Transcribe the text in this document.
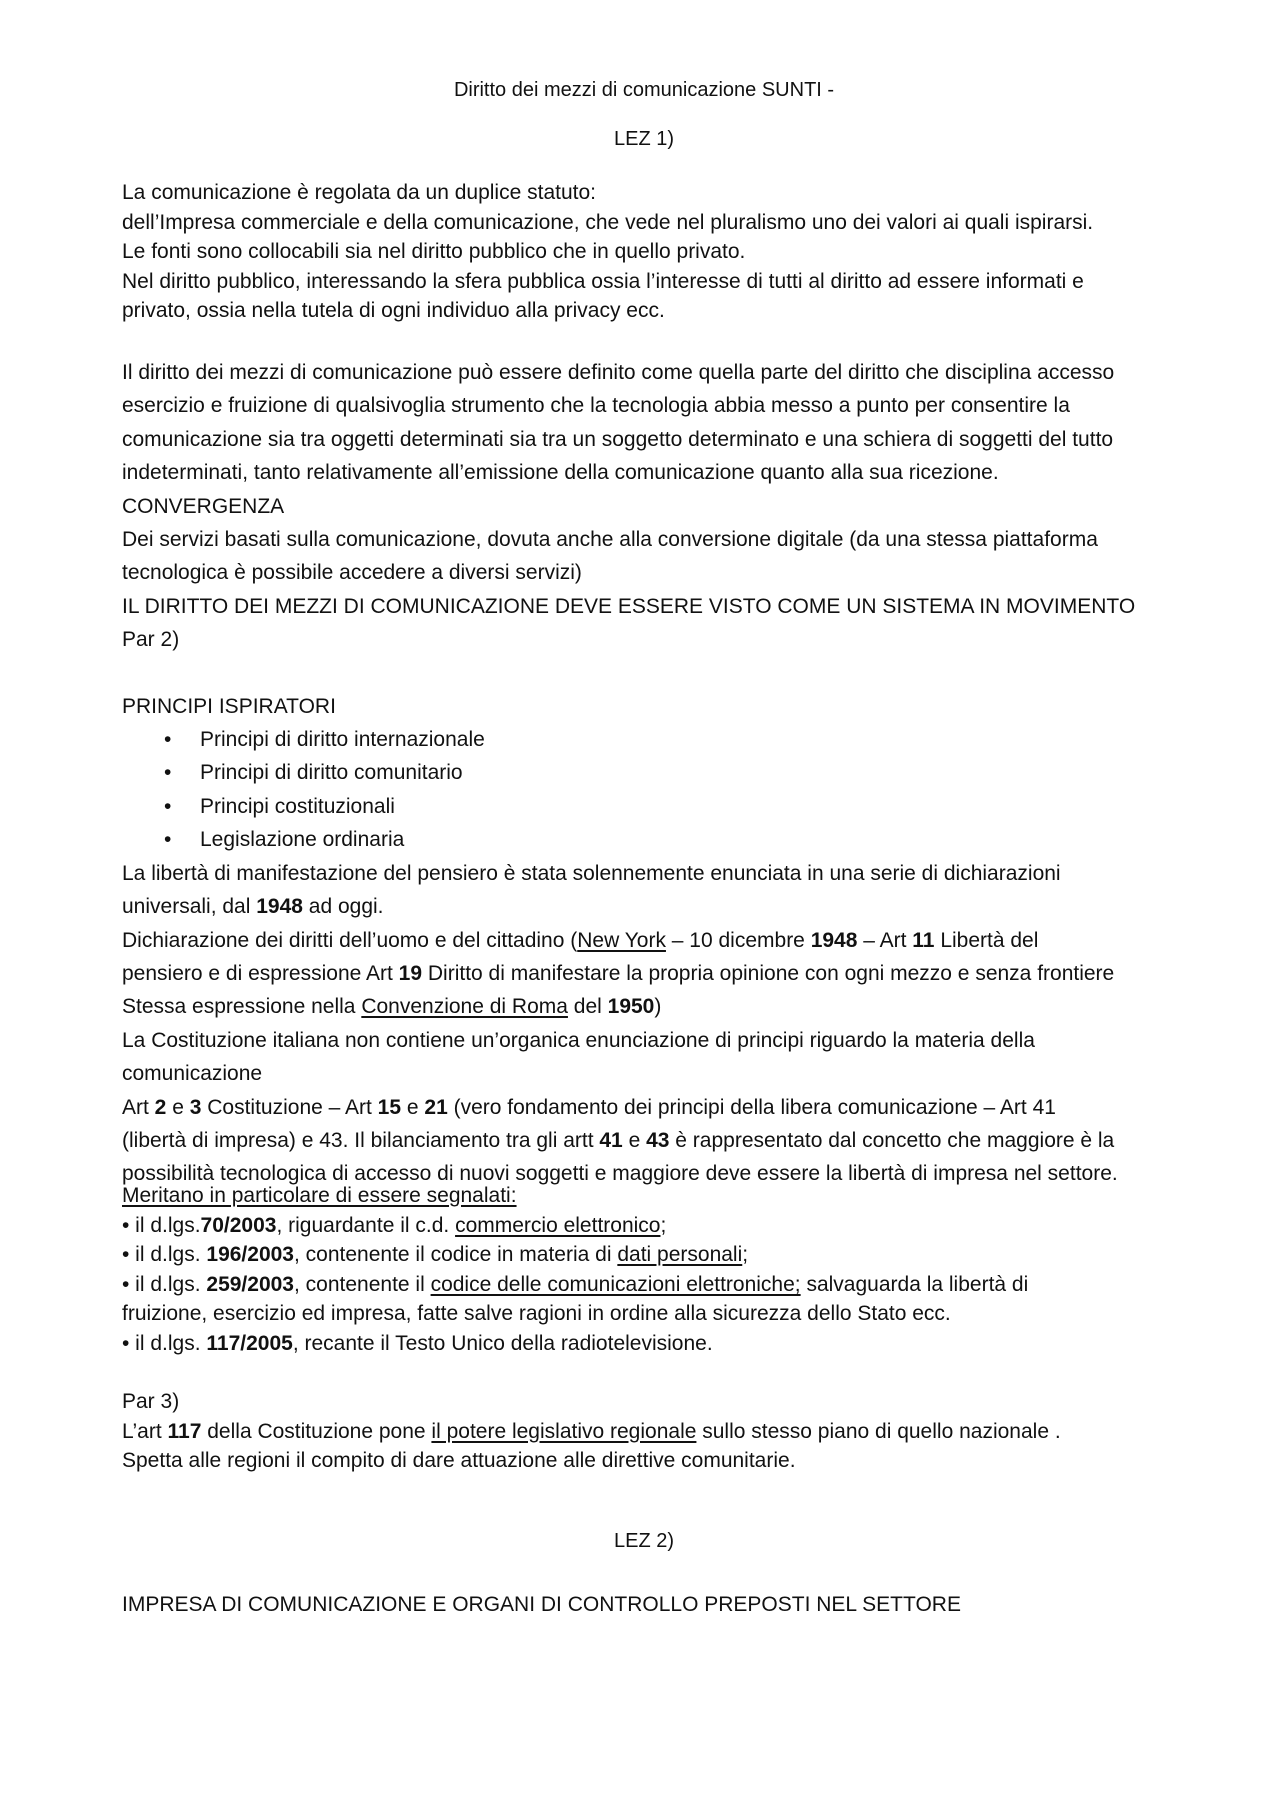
Diritto dei mezzi di comunicazione SUNTI -

LEZ 1)

La comunicazione è regolata da un duplice statuto:

dell’Impresa commerciale e della comunicazione, che vede nel pluralismo uno dei valori ai quali ispirarsi.

Le fonti sono collocabili sia nel diritto pubblico che in quello privato.

Nel diritto pubblico, interessando la sfera pubblica ossia l’interesse di tutti al diritto ad essere informati e

privato, ossia nella tutela di ogni individuo alla privacy ecc.

Il diritto dei mezzi di comunicazione può essere definito come quella parte del diritto che disciplina accesso

esercizio e fruizione di qualsivoglia strumento che la tecnologia abbia messo a punto per consentire la

comunicazione sia tra oggetti determinati sia tra un soggetto determinato e una schiera di soggetti del tutto

indeterminati, tanto relativamente all’emissione della comunicazione quanto alla sua ricezione.

CONVERGENZA

Dei servizi basati sulla comunicazione, dovuta anche alla conversione digitale (da una stessa piattaforma

tecnologica è possibile accedere a diversi servizi)

IL DIRITTO DEI MEZZI DI COMUNICAZIONE DEVE ESSERE VISTO COME UN SISTEMA IN MOVIMENTO

Par 2)

PRINCIPI ISPIRATORI

• Principi di diritto internazionale
• Principi di diritto comunitario
• Principi costituzionali
• Legislazione ordinaria

La libertà di manifestazione del pensiero è stata solennemente enunciata in una serie di dichiarazioni

universali, dal 1948 ad oggi.

Dichiarazione dei diritti dell’uomo e del cittadino (New York – 10 dicembre 1948 – Art 11 Libertà del

pensiero e di espressione Art 19 Diritto di manifestare la propria opinione con ogni mezzo e senza frontiere

Stessa espressione nella Convenzione di Roma del 1950)

La Costituzione italiana non contiene un’organica enunciazione di principi riguardo la materia della

comunicazione

Art 2 e 3 Costituzione – Art 15 e 21 (vero fondamento dei principi della libera comunicazione – Art 41

(libertà di impresa) e 43. Il bilanciamento tra gli artt 41 e 43 è rappresentato dal concetto che maggiore è la

possibilità tecnologica di accesso di nuovi soggetti e maggiore deve essere la libertà di impresa nel settore.

Meritano in particolare di essere segnalati:

• il d.lgs.70/2003, riguardante il c.d. commercio elettronico;

• il d.lgs. 196/2003, contenente il codice in materia di dati personali;

• il d.lgs. 259/2003, contenente il codice delle comunicazioni elettroniche; salvaguarda la libertà di

fruizione, esercizio ed impresa, fatte salve ragioni in ordine alla sicurezza dello Stato ecc.

• il d.lgs. 117/2005, recante il Testo Unico della radiotelevisione.

Par 3)

L’art 117 della Costituzione pone il potere legislativo regionale sullo stesso piano di quello nazionale .

Spetta alle regioni il compito di dare attuazione alle direttive comunitarie.

LEZ 2)

IMPRESA DI COMUNICAZIONE E ORGANI DI CONTROLLO PREPOSTI NEL SETTORE
